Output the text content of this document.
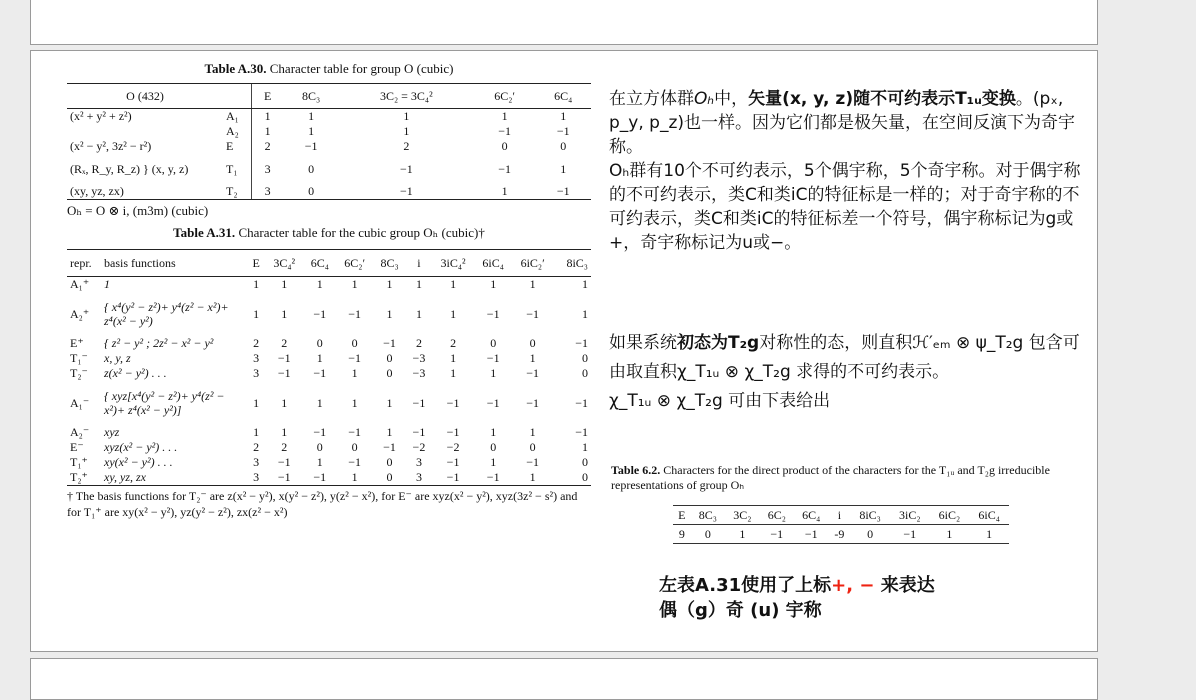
Table A.30. Character table for group O (cubic)
O (432)		E	8C₃	3C₂ = 3C₄²	6C₂′	6C₄
(x² + y² + z²)	A₁	1	1	1	1	1
	A₂	1	1	1	−1	−1
(x² − y², 3z² − r²)	E	2	−1	2	0	0
(Rₓ, R_y, R_z) } (x, y, z)	T₁	3	0	−1	−1	1
(xy, yz, zx)	T₂	3	0	−1	1	−1
Oₕ = O ⊗ i, (m3m) (cubic)
Table A.31. Character table for the cubic group Oₕ (cubic)†
repr.	basis functions	E	3C₄²	6C₄	6C₂′	8C₃	i	3iC₄²	6iC₄	6iC₂′	8iC₃
A₁⁺	1	1	1	1	1	1	1	1	1	1	1
A₂⁺	{ x⁴(y² − z²)+ y⁴(z² − x²)+ z⁴(x² − y²)	1	1	−1	−1	1	1	1	−1	−1	1
E⁺	{ z² − y² ; 2z² − x² − y²	2	2	0	0	−1	2	2	0	0	−1
T₁⁻	x, y, z	3	−1	1	−1	0	−3	1	−1	1	0
T₂⁻	z(x² − y²) . . .	3	−1	−1	1	0	−3	1	1	−1	0
A₁⁻	{ xyz[x⁴(y² − z²)+ y⁴(z² − x²)+ z⁴(x² − y²)]	1	1	1	1	1	−1	−1	−1	−1	−1
A₂⁻	xyz	1	1	−1	−1	1	−1	−1	1	1	−1
E⁻	xyz(x² − y²) . . .	2	2	0	0	−1	−2	−2	0	0	1
T₁⁺	xy(x² − y²) . . .	3	−1	1	−1	0	3	−1	1	−1	0
T₂⁺	xy, yz, zx	3	−1	−1	1	0	3	−1	−1	1	0
† The basis functions for T₂⁻ are z(x² − y²), x(y² − z²), y(z² − x²), for E⁻ are xyz(x² − y²), xyz(3z² − s²) and for T₁⁺ are xy(x² − y²), yz(y² − z²), zx(z² − x²)

在立方体群Oₕ中，矢量(x, y, z)随不可约表示T₁ᵤ变换。(pₓ, p_y, p_z)也一样。因为它们都是极矢量，在空间反演下为奇宇称。

Oₕ群有10个不可约表示，5个偶宇称，5个奇宇称。对于偶宇称的不可约表示，类C和类iC的特征标是一样的；对于奇宇称的不可约表示，类C和类iC的特征标差一个符号，偶宇称标记为g或+，奇宇称标记为u或−。

如果系统初态为T₂g对称性的态，则直积ℋ′ₑₘ ⊗ ψ_T₂g 包含可由取直积χ_T₁ᵤ ⊗ χ_T₂g 求得的不可约表示。
χ_T₁ᵤ ⊗ χ_T₂g 可由下表给出
Table 6.2. Characters for the direct product of the characters for the T₁ᵤ and T₂g irreducible representations of group Oₕ
E	8C₃	3C₂	6C₂	6C₄	i	8iC₃	3iC₂	6iC₂	6iC₄
9	0	1	−1	−1	-9	0	−1	1	1
左表A.31使用了上标+, − 来表达
偶（g）奇 (u) 宇称
